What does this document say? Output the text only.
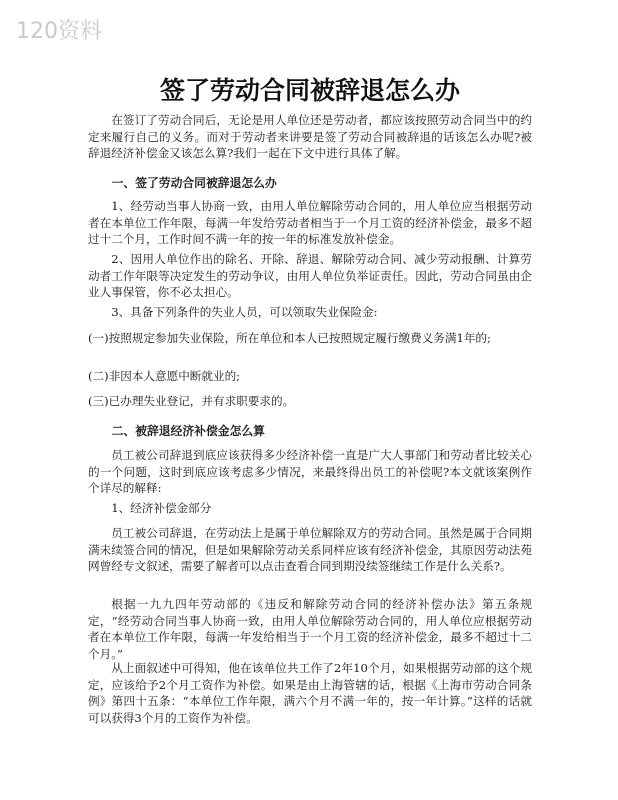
120资料
签了劳动合同被辞退怎么办

在签订了劳动合同后，无论是用人单位还是劳动者，都应该按照劳动合同当中的约定来履行自己的义务。而对于劳动者来讲要是签了劳动合同被辞退的话该怎么办呢?被辞退经济补偿金又该怎么算?我们一起在下文中进行具体了解。

一、签了劳动合同被辞退怎么办

1、经劳动当事人协商一致，由用人单位解除劳动合同的，用人单位应当根据劳动者在本单位工作年限，每满一年发给劳动者相当于一个月工资的经济补偿金，最多不超过十二个月，工作时间不满一年的按一年的标准发放补偿金。

2、因用人单位作出的除名、开除、辞退、解除劳动合同、减少劳动报酬、计算劳动者工作年限等决定发生的劳动争议，由用人单位负举证责任。因此，劳动合同虽由企业人事保管，你不必太担心。

3、具备下列条件的失业人员，可以领取失业保险金:

(一)按照规定参加失业保险，所在单位和本人已按照规定履行缴费义务满1年的;

(二)非因本人意愿中断就业的;

(三)已办理失业登记，并有求职要求的。

二、被辞退经济补偿金怎么算

员工被公司辞退到底应该获得多少经济补偿一直是广大人事部门和劳动者比较关心的一个问题，这时到底应该考虑多少情况，来最终得出员工的补偿呢?本文就该案例作个详尽的解释:

1、经济补偿金部分

员工被公司辞退，在劳动法上是属于单位解除双方的劳动合同。虽然是属于合同期满未续签合同的情况，但是如果解除劳动关系同样应该有经济补偿金，其原因劳动法苑网曾经专文叙述，需要了解者可以点击查看合同到期没续签继续工作是什么关系?。

根据一九九四年劳动部的《违反和解除劳动合同的经济补偿办法》第五条规定，“经劳动合同当事人协商一致，由用人单位解除劳动合同的，用人单位应根据劳动者在本单位工作年限，每满一年发给相当于一个月工资的经济补偿金，最多不超过十二个月。”

从上面叙述中可得知，他在该单位共工作了2年10个月，如果根据劳动部的这个规定，应该给予2个月工资作为补偿。如果是由上海管辖的话，根据《上海市劳动合同条例》第四十五条：“本单位工作年限，满六个月不满一年的，按一年计算。”这样的话就可以获得3个月的工资作为补偿。
